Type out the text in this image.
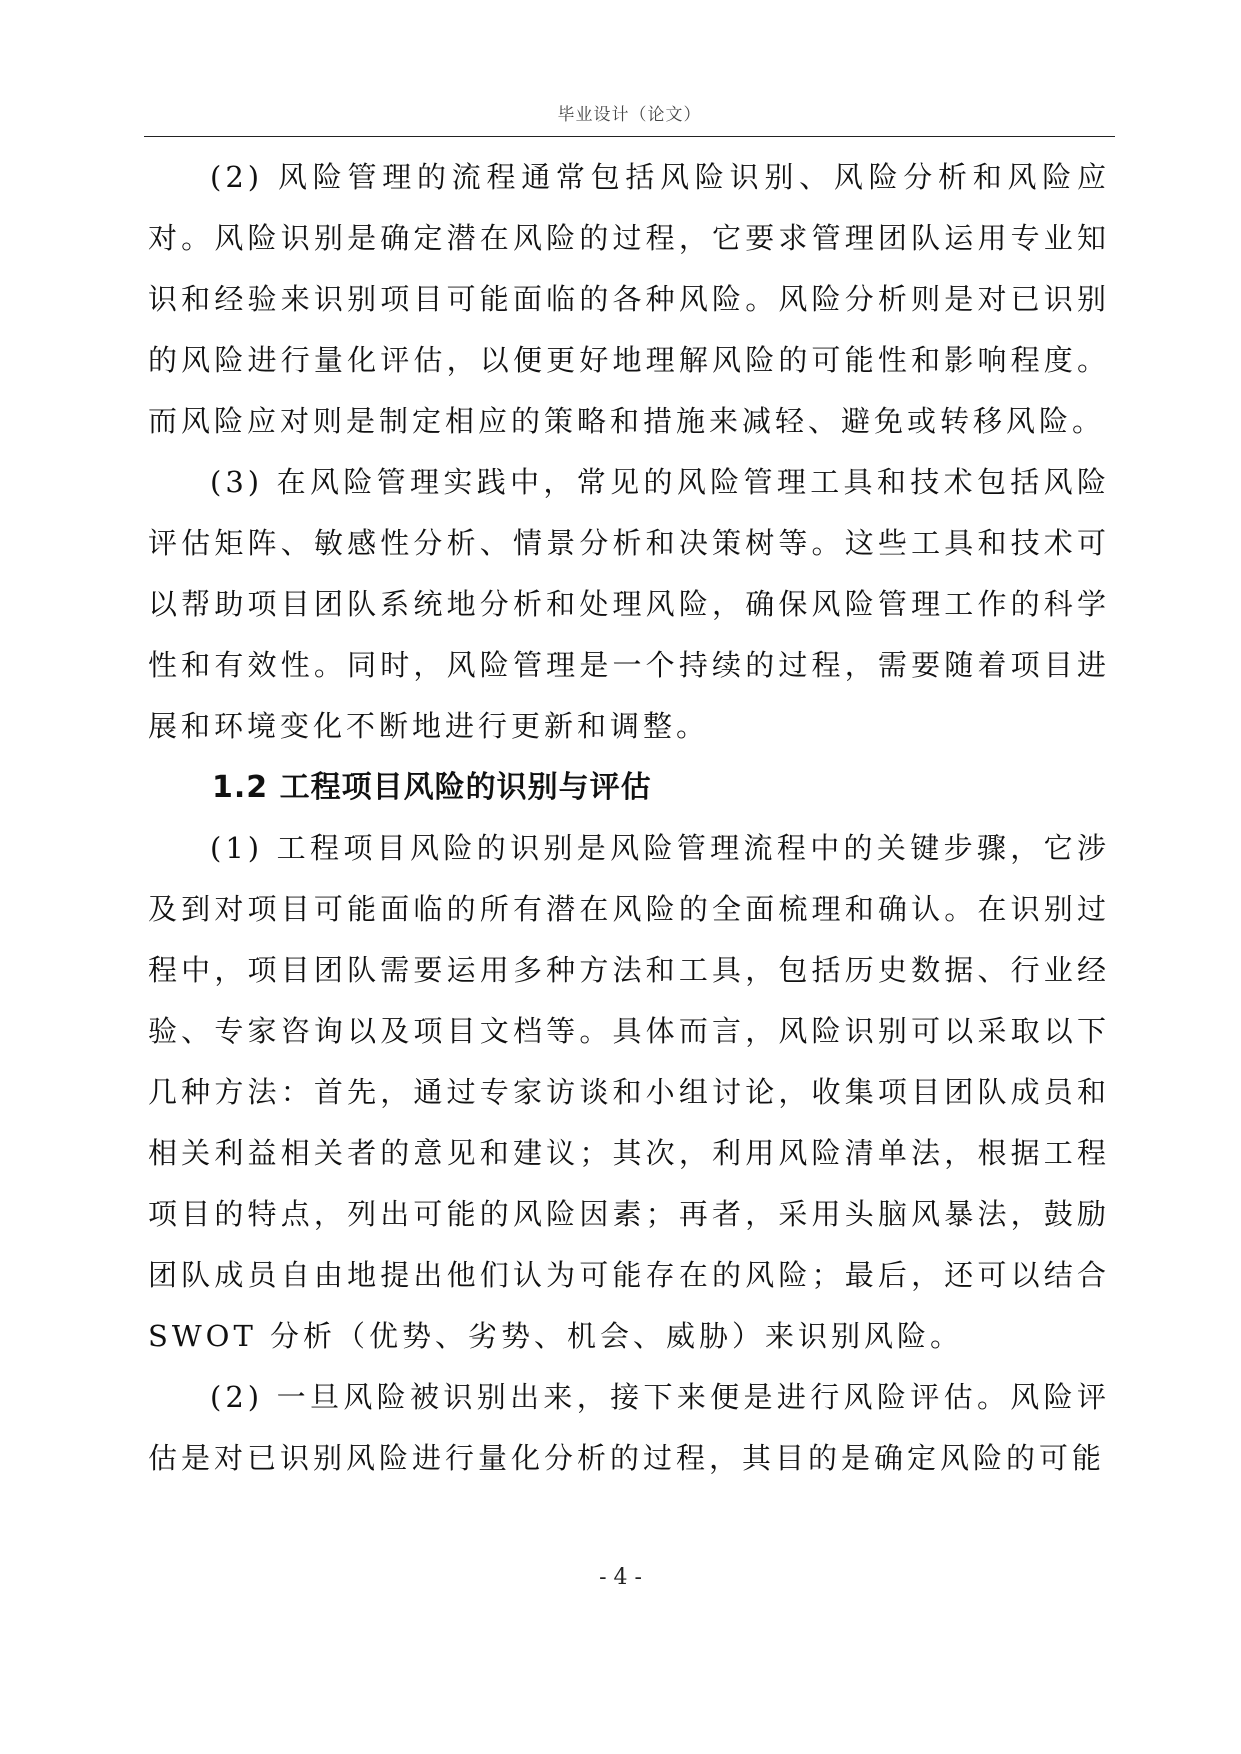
毕业设计（论文）

(2) 风险管理的流程通常包括风险识别、风险分析和风险应对。风险识别是确定潜在风险的过程，它要求管理团队运用专业知识和经验来识别项目可能面临的各种风险。风险分析则是对已识别的风险进行量化评估，以便更好地理解风险的可能性和影响程度。而风险应对则是制定相应的策略和措施来减轻、避免或转移风险。

(3) 在风险管理实践中，常见的风险管理工具和技术包括风险评估矩阵、敏感性分析、情景分析和决策树等。这些工具和技术可以帮助项目团队系统地分析和处理风险，确保风险管理工作的科学性和有效性。同时，风险管理是一个持续的过程，需要随着项目进展和环境变化不断地进行更新和调整。

1.2 工程项目风险的识别与评估

(1) 工程项目风险的识别是风险管理流程中的关键步骤，它涉及到对项目可能面临的所有潜在风险的全面梳理和确认。在识别过程中，项目团队需要运用多种方法和工具，包括历史数据、行业经验、专家咨询以及项目文档等。具体而言，风险识别可以采取以下几种方法：首先，通过专家访谈和小组讨论，收集项目团队成员和相关利益相关者的意见和建议；其次，利用风险清单法，根据工程项目的特点，列出可能的风险因素；再者，采用头脑风暴法，鼓励团队成员自由地提出他们认为可能存在的风险；最后，还可以结合SWOT 分析（优势、劣势、机会、威胁）来识别风险。

(2) 一旦风险被识别出来，接下来便是进行风险评估。风险评估是对已识别风险进行量化分析的过程，其目的是确定风险的可能

- 4 -
